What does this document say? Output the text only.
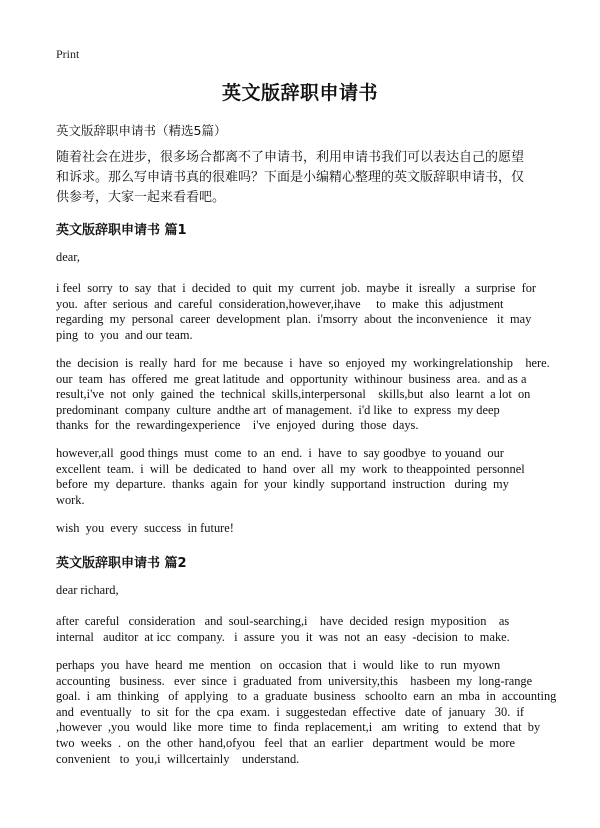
Print
英文版辞职申请书
英文版辞职申请书（精选5篇）
随着社会在进步，很多场合都离不了申请书，利用申请书我们可以表达自己的愿望
和诉求。那么写申请书真的很难吗？下面是小编精心整理的英文版辞职申请书，仅
供参考，大家一起来看看吧。
英文版辞职申请书 篇1
dear,
i feel  sorry  to  say  that  i  decided  to  quit  my  current  job.  maybe  it  isreally   a  surprise  for
you.  after  serious  and  careful  consideration,however,ihave     to  make  this  adjustment
regarding  my  personal  career  development  plan.  i'msorry  about  the inconvenience   it  may
ping  to  you  and our team.
the  decision  is  really  hard  for  me  because  i  have  so  enjoyed  my  workingrelationship    here.
our  team  has  offered  me  great latitude  and  opportunity  withinour  business  area.  and as a
result,i've  not  only  gained  the  technical  skills,interpersonal    skills,but  also  learnt  a lot  on
predominant  company  culture  andthe art  of management.  i'd like  to  express  my deep
thanks  for  the  rewardingexperience    i've  enjoyed  during  those  days.
however,all  good things  must  come  to  an  end.  i  have  to  say goodbye  to youand  our
excellent  team.  i  will  be  dedicated  to  hand  over  all  my  work  to theappointed  personnel
before  my  departure.  thanks  again  for  your  kindly  supportand  instruction   during  my
work.
wish  you  every  success  in future!
英文版辞职申请书 篇2
dear richard,
after  careful   consideration   and  soul-searching,i    have  decided  resign  myposition    as
internal   auditor  at icc  company.   i  assure  you  it  was  not  an  easy  -decision  to  make.
perhaps  you  have  heard  me  mention   on  occasion  that  i  would  like  to  run  myown
accounting   business.   ever  since  i  graduated  from  university,this    hasbeen  my  long-range
goal.  i  am  thinking   of  applying   to  a  graduate  business   schoolto  earn  an  mba  in  accounting
and  eventually   to  sit  for  the  cpa  exam.  i  suggestedan  effective   date  of  january   30.  if
,however  ,you  would  like  more  time  to  finda  replacement,i   am  writing   to  extend  that  by
two  weeks  .  on  the  other  hand,ofyou   feel  that  an  earlier   department  would  be  more
convenient   to  you,i  willcertainly    understand.
